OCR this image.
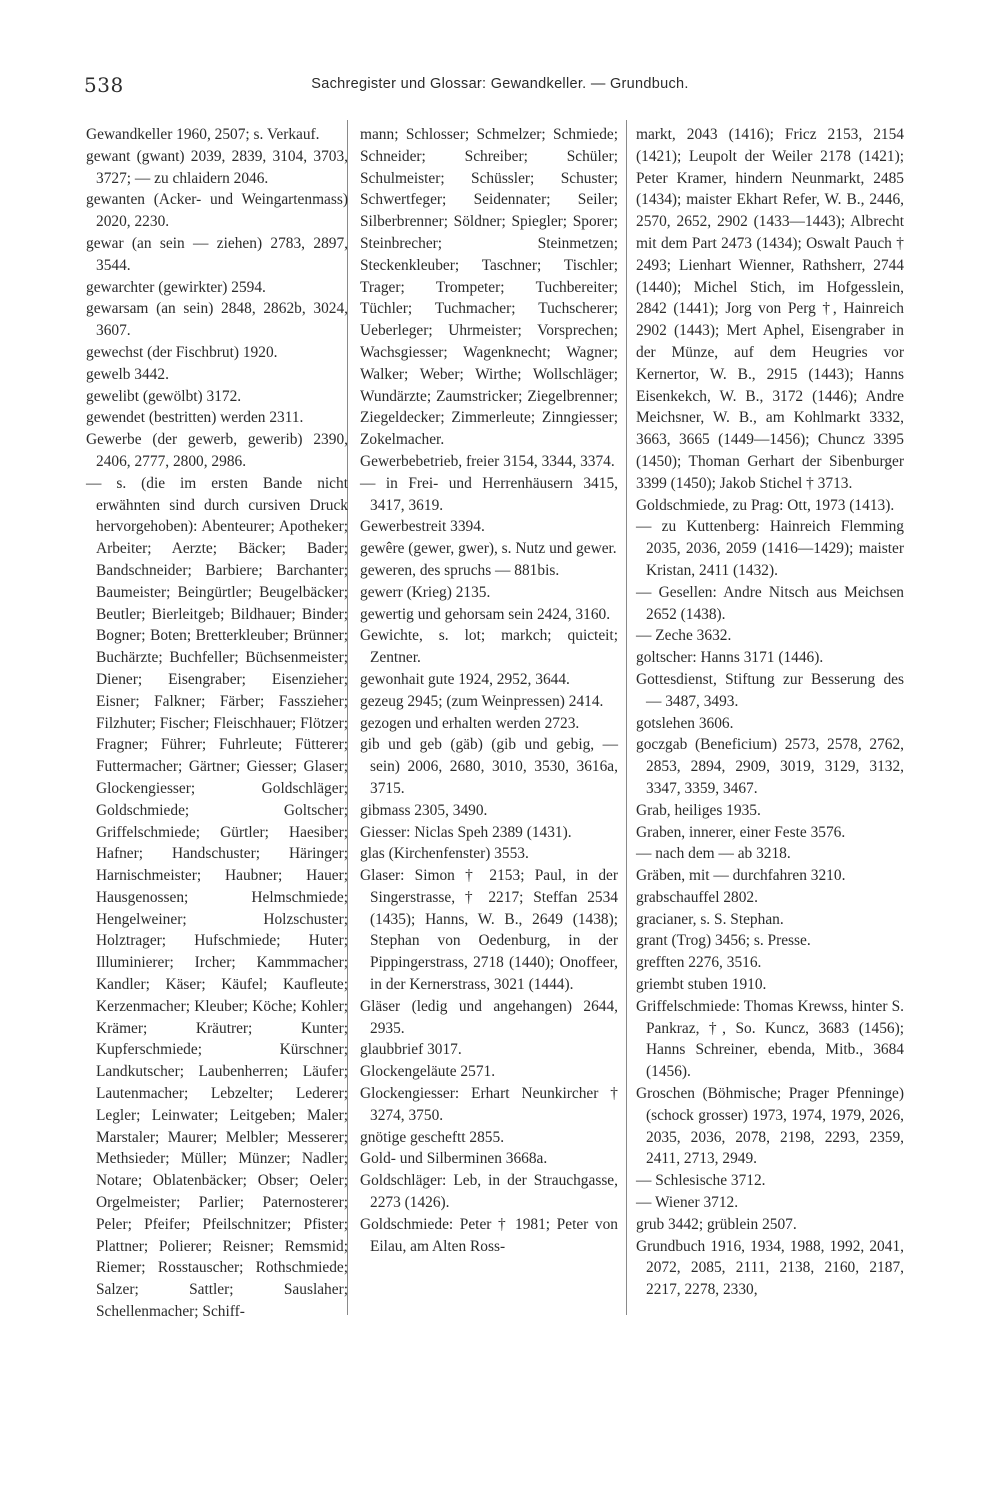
538	Sachregister und Glossar: Gewandkeller. — Grundbuch.

Gewandkeller 1960, 2507; s. Verkauf.

gewant (gwant) 2039, 2839, 3104, 3703, 3727; — zu chlaidern 2046.

gewanten (Acker- und Weingartenmass) 2020, 2230.

gewar (an sein — ziehen) 2783, 2897, 3544.

gewarchter (gewirkter) 2594.

gewarsam (an sein) 2848, 2862b, 3024, 3607.

gewechst (der Fischbrut) 1920.

gewelb 3442.

gewelibt (gewölbt) 3172.

gewendet (bestritten) werden 2311.

Gewerbe (der gewerb, gewerib) 2390, 2406, 2777, 2800, 2986.

— s. (die im ersten Bande nicht erwähnten sind durch cursiven Druck hervorgehoben): Abenteurer; Apotheker; Arbeiter; Aerzte; Bäcker; Bader; Bandschneider; Barbiere; Barchanter; Baumeister; Beingürtler; Beugelbäcker; Beutler; Bierleitgeb; Bildhauer; Binder; Bogner; Boten; Bretterkleuber; Brünner; Buchärzte; Buchfeller; Büchsenmeister; Diener; Eisengraber; Eisenzieher; Eisner; Falkner; Färber; Fasszieher; Filzhuter; Fischer; Fleischhauer; Flötzer; Fragner; Führer; Fuhrleute; Fütterer; Futtermacher; Gärtner; Giesser; Glaser; Glockengiesser; Goldschläger; Goldschmiede; Goltscher; Griffelschmiede; Gürtler; Haesiber; Hafner; Handschuster; Häringer; Harnischmeister; Haubner; Hauer; Hausgenossen; Helmschmiede; Hengelweiner; Holzschuster; Holztrager; Hufschmiede; Huter; Illuminierer; Ircher; Kammmacher; Kandler; Käser; Käufel; Kaufleute; Kerzenmacher; Kleuber; Köche; Kohler; Krämer; Kräutrer; Kunter; Kupferschmiede; Kürschner; Landkutscher; Laubenherren; Läufer; Lautenmacher; Lebzelter; Lederer; Legler; Leinwater; Leitgeben; Maler; Marstaler; Maurer; Melbler; Messerer; Methsieder; Müller; Münzer; Nadler; Notare; Oblatenbäcker; Obser; Oeler; Orgelmeister; Parlier; Paternosterer; Peler; Pfeifer; Pfeilschnitzer; Pfister; Plattner; Polierer; Reisner; Remsmid; Riemer; Rosstauscher; Rothschmiede; Salzer; Sattler; Sauslaher; Schellenmacher; Schiff-

mann; Schlosser; Schmelzer; Schmiede; Schneider; Schreiber; Schüler; Schulmeister; Schüssler; Schuster; Schwertfeger; Seidennater; Seiler; Silberbrenner; Söldner; Spiegler; Sporer; Steinbrecher; Steinmetzen; Steckenkleuber; Taschner; Tischler; Trager; Trompeter; Tuchbereiter; Tüchler; Tuchmacher; Tuchscherer; Ueberleger; Uhrmeister; Vorsprechen; Wachsgiesser; Wagenknecht; Wagner; Walker; Weber; Wirthe; Wollschläger; Wundärzte; Zaumstricker; Ziegelbrenner; Ziegeldecker; Zimmerleute; Zinngiesser; Zokelmacher.

Gewerbebetrieb, freier 3154, 3344, 3374.

— in Frei- und Herrenhäusern 3415, 3417, 3619.

Gewerbestreit 3394.

gewêre (gewer, gwer), s. Nutz und gewer.

geweren, des spruchs — 881bis.

gewerr (Krieg) 2135.

gewertig und gehorsam sein 2424, 3160.

Gewichte, s. lot; markch; quicteit; Zentner.

gewonhait gute 1924, 2952, 3644.

gezeug 2945; (zum Weinpressen) 2414.

gezogen und erhalten werden 2723.

gib und geb (gäb) (gib und gebig, — sein) 2006, 2680, 3010, 3530, 3616a, 3715.

gibmass 2305, 3490.

Giesser: Niclas Speh 2389 (1431).

glas (Kirchenfenster) 3553.

Glaser: Simon † 2153; Paul, in der Singerstrasse, † 2217; Steffan 2534 (1435); Hanns, W. B., 2649 (1438); Stephan von Oedenburg, in der Pippingerstrass, 2718 (1440); Onoffeer, in der Kernerstrass, 3021 (1444).

Gläser (ledig und angehangen) 2644, 2935.

glaubbrief 3017.

Glockengeläute 2571.

Glockengiesser: Erhart Neunkircher † 3274, 3750.

gnötige gescheftt 2855.

Gold- und Silberminen 3668a.

Goldschläger: Leb, in der Strauchgasse, 2273 (1426).

Goldschmiede: Peter † 1981; Peter von Eilau, am Alten Ross-

markt, 2043 (1416); Fricz 2153, 2154 (1421); Leupolt der Weiler 2178 (1421); Peter Kramer, hindern Neunmarkt, 2485 (1434); maister Ekhart Refer, W. B., 2446, 2570, 2652, 2902 (1433—1443); Albrecht mit dem Part 2473 (1434); Oswalt Pauch † 2493; Lienhart Wienner, Rathsherr, 2744 (1440); Michel Stich, im Hofgesslein, 2842 (1441); Jorg von Perg †, Hainreich 2902 (1443); Mert Aphel, Eisengraber in der Münze, auf dem Heugries vor Kernertor, W. B., 2915 (1443); Hanns Eisenkekch, W. B., 3172 (1446); Andre Meichsner, W. B., am Kohlmarkt 3332, 3663, 3665 (1449—1456); Chuncz 3395 (1450); Thoman Gerhart der Sibenburger 3399 (1450); Jakob Stichel † 3713.

Goldschmiede, zu Prag: Ott, 1973 (1413).

— zu Kuttenberg: Hainreich Flemming 2035, 2036, 2059 (1416—1429); maister Kristan, 2411 (1432).

— Gesellen: Andre Nitsch aus Meichsen 2652 (1438).

— Zeche 3632.

goltscher: Hanns 3171 (1446).

Gottesdienst, Stiftung zur Besserung des — 3487, 3493.

gotslehen 3606.

goczgab (Beneficium) 2573, 2578, 2762, 2853, 2894, 2909, 3019, 3129, 3132, 3347, 3359, 3467.

Grab, heiliges 1935.

Graben, innerer, einer Feste 3576.

— nach dem — ab 3218.

Gräben, mit — durchfahren 3210.

grabschauffel 2802.

gracianer, s. S. Stephan.

grant (Trog) 3456; s. Presse.

grefften 2276, 3516.

griembt stuben 1910.

Griffelschmiede: Thomas Krewss, hinter S. Pankraz, †, So. Kuncz, 3683 (1456); Hanns Schreiner, ebenda, Mitb., 3684 (1456).

Groschen (Böhmische; Prager Pfenninge) (schock grosser) 1973, 1974, 1979, 2026, 2035, 2036, 2078, 2198, 2293, 2359, 2411, 2713, 2949.

— Schlesische 3712.

— Wiener 3712.

grub 3442; grüblein 2507.

Grundbuch 1916, 1934, 1988, 1992, 2041, 2072, 2085, 2111, 2138, 2160, 2187, 2217, 2278, 2330,
